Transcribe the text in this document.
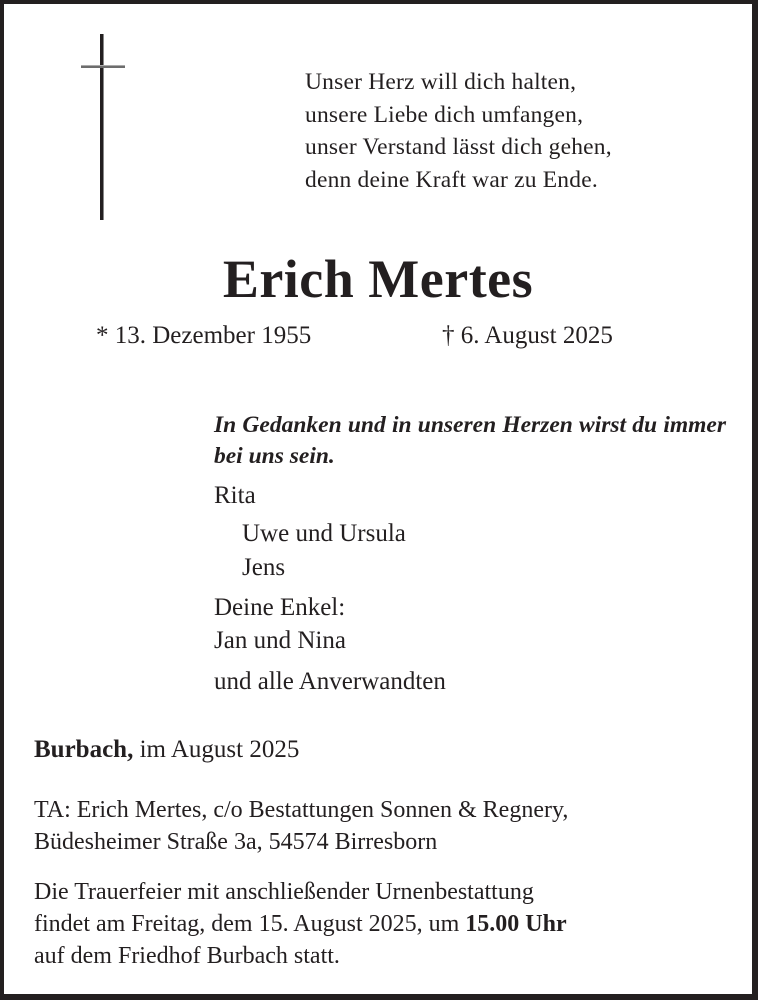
Unser Herz will dich halten,
unsere Liebe dich umfangen,
unser Verstand lässt dich gehen,
denn deine Kraft war zu Ende.
Erich Mertes
* 13. Dezember 1955	† 6. August 2025
In Gedanken und in unseren Herzen wirst du immer bei uns sein.
Rita
Uwe und Ursula
Jens
Deine Enkel:
Jan und Nina
und alle Anverwandten
Burbach, im August 2025
TA: Erich Mertes, c/o Bestattungen Sonnen & Regnery,
Büdesheimer Straße 3a, 54574 Birresborn
Die Trauerfeier mit anschließender Urnenbestattung
findet am Freitag, dem 15. August 2025, um 15.00 Uhr
auf dem Friedhof Burbach statt.
